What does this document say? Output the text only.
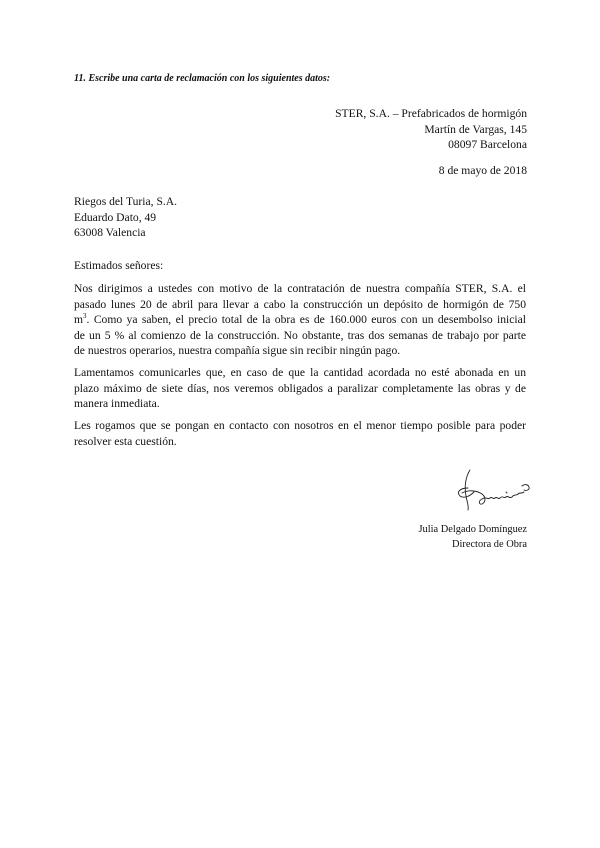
11. Escribe una carta de reclamación con los siguientes datos:
STER, S.A. – Prefabricados de hormigón
Martín de Vargas, 145
08097 Barcelona
8 de mayo de 2018
Riegos del Turia, S.A.
Eduardo Dato, 49
63008 Valencia
Estimados señores:
Nos dirigimos a ustedes con motivo de la contratación de nuestra compañía STER, S.A. el
pasado lunes 20 de abril para llevar a cabo la construcción un depósito de hormigón de 750
$m^3$. Como ya saben, el precio total de la obra es de 160.000 euros con un desembolso inicial
de un 5 % al comienzo de la construcción. No obstante, tras dos semanas de trabajo por parte
de nuestros operarios, nuestra compañía sigue sin recibir ningún pago.
Lamentamos comunicarles que, en caso de que la cantidad acordada no esté abonada en un
plazo máximo de siete días, nos veremos obligados a paralizar completamente las obras y de
manera inmediata.
Les rogamos que se pongan en contacto con nosotros en el menor tiempo posible para poder
resolver esta cuestión.
Julia Delgado Domínguez
Directora de Obra
